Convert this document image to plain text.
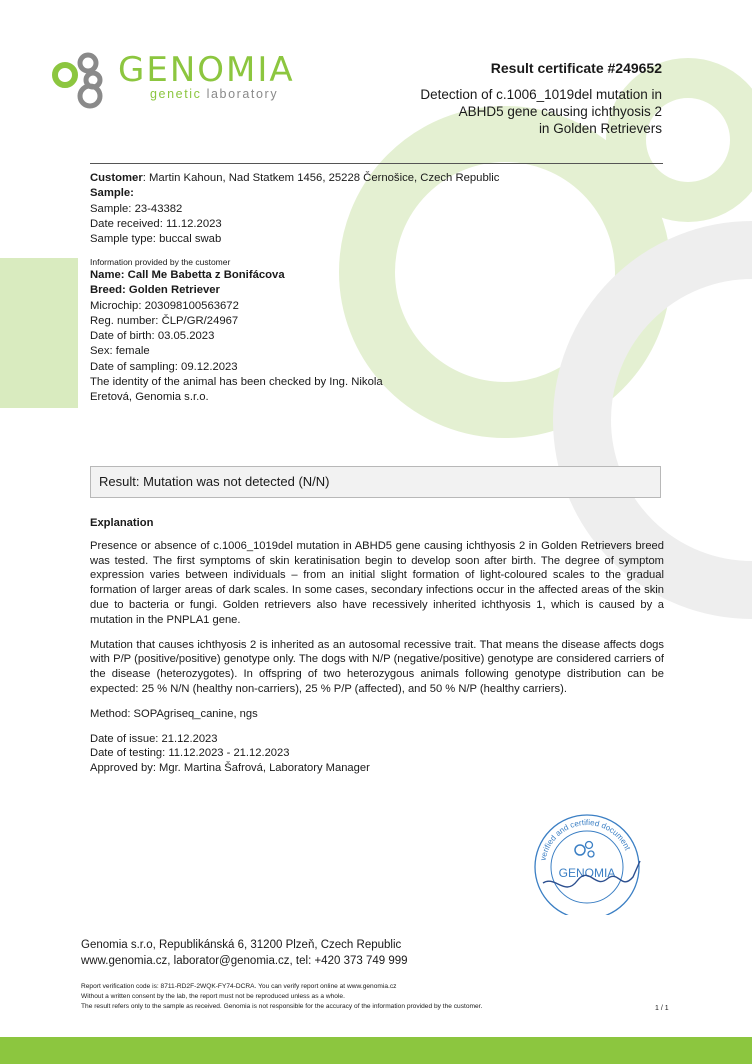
GENOMIA
genetic laboratory
Result certificate #249652
Detection of c.1006_1019del mutation in
ABHD5 gene causing ichthyosis 2
in Golden Retrievers
Customer: Martin Kahoun, Nad Statkem 1456, 25228 Černošice, Czech Republic
Sample:
Sample: 23-43382
Date received: 11.12.2023
Sample type: buccal swab
Information provided by the customer
Name: Call Me Babetta z Bonifácova
Breed: Golden Retriever
Microchip: 203098100563672
Reg. number: ČLP/GR/24967
Date of birth: 03.05.2023
Sex: female
Date of sampling: 09.12.2023
The identity of the animal has been checked by Ing. Nikola
Eretová, Genomia s.r.o.
Result: Mutation was not detected (N/N)

Explanation

Presence or absence of c.1006_1019del mutation in ABHD5 gene causing ichthyosis 2 in Golden Retrievers breed was tested. The first symptoms of skin keratinisation begin to develop soon after birth. The degree of symptom expression varies between individuals – from an initial slight formation of light-coloured scales to the gradual formation of larger areas of dark scales. In some cases, secondary infections occur in the affected areas of the skin due to bacteria or fungi. Golden retrievers also have recessively inherited ichthyosis 1, which is caused by a mutation in the PNPLA1 gene.

Mutation that causes ichthyosis 2 is inherited as an autosomal recessive trait. That means the disease affects dogs with P/P (positive/positive) genotype only. The dogs with N/P (negative/positive) genotype are considered carriers of the disease (heterozygotes). In offspring of two heterozygous animals following genotype distribution can be expected: 25 % N/N (healthy non-carriers), 25 % P/P (affected), and 50 % N/P (healthy carriers).

Method: SOPAgriseq_canine, ngs

Date of issue: 21.12.2023
Date of testing: 11.12.2023 - 21.12.2023
Approved by: Mgr. Martina Šafrová, Laboratory Manager
verified and certified document
GENOMIA
Genomia s.r.o, Republikánská 6, 31200 Plzeň, Czech Republic
www.genomia.cz, laborator@genomia.cz, tel: +420 373 749 999
Report verification code is: 8711-RD2F-2WQK-FY74-DCRA. You can verify report online at www.genomia.cz
Without a written consent by the lab, the report must not be reproduced unless as a whole.
The result refers only to the sample as received. Genomia is not responsible for the accuracy of the information provided by the customer.	1 / 1
